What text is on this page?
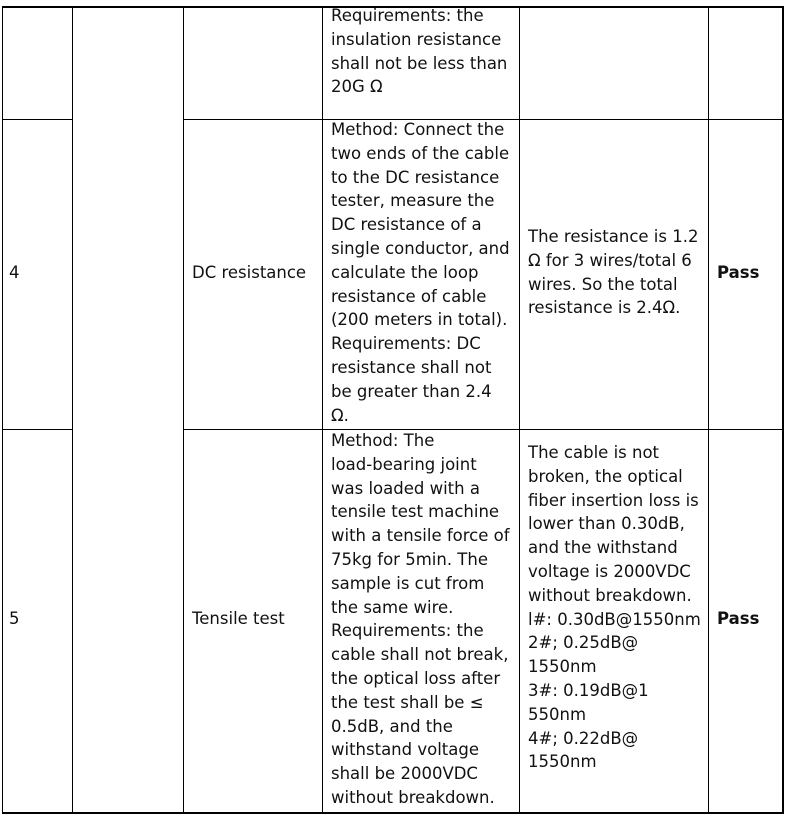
Requirements: the
insulation resistance
shall not be less than
20G Ω

4	DC resistance

Method: Connect the
two ends of the cable
to the DC resistance
tester, measure the
DC resistance of a
single conductor, and
calculate the loop
resistance of cable
(200 meters in total).
Requirements: DC
resistance shall not
be greater than 2.4
Ω.

The resistance is 1.2
Ω for 3 wires/total 6
wires. So the total
resistance is 2.4Ω.

Pass

5	Tensile test

Method: The
load-bearing joint
was loaded with a
tensile test machine
with a tensile force of
75kg for 5min. The
sample is cut from
the same wire.
Requirements: the
cable shall not break,
the optical loss after
the test shall be ≤
0.5dB, and the
withstand voltage
shall be 2000VDC
without breakdown.

The cable is not
broken, the optical
fiber insertion loss is
lower than 0.30dB,
and the withstand
voltage is 2000VDC
without breakdown.
l#: 0.30dB@1550nm
2#; 0.25dB@
1550nm
3#: 0.19dB@1
550nm
4#; 0.22dB@
1550nm

Pass
